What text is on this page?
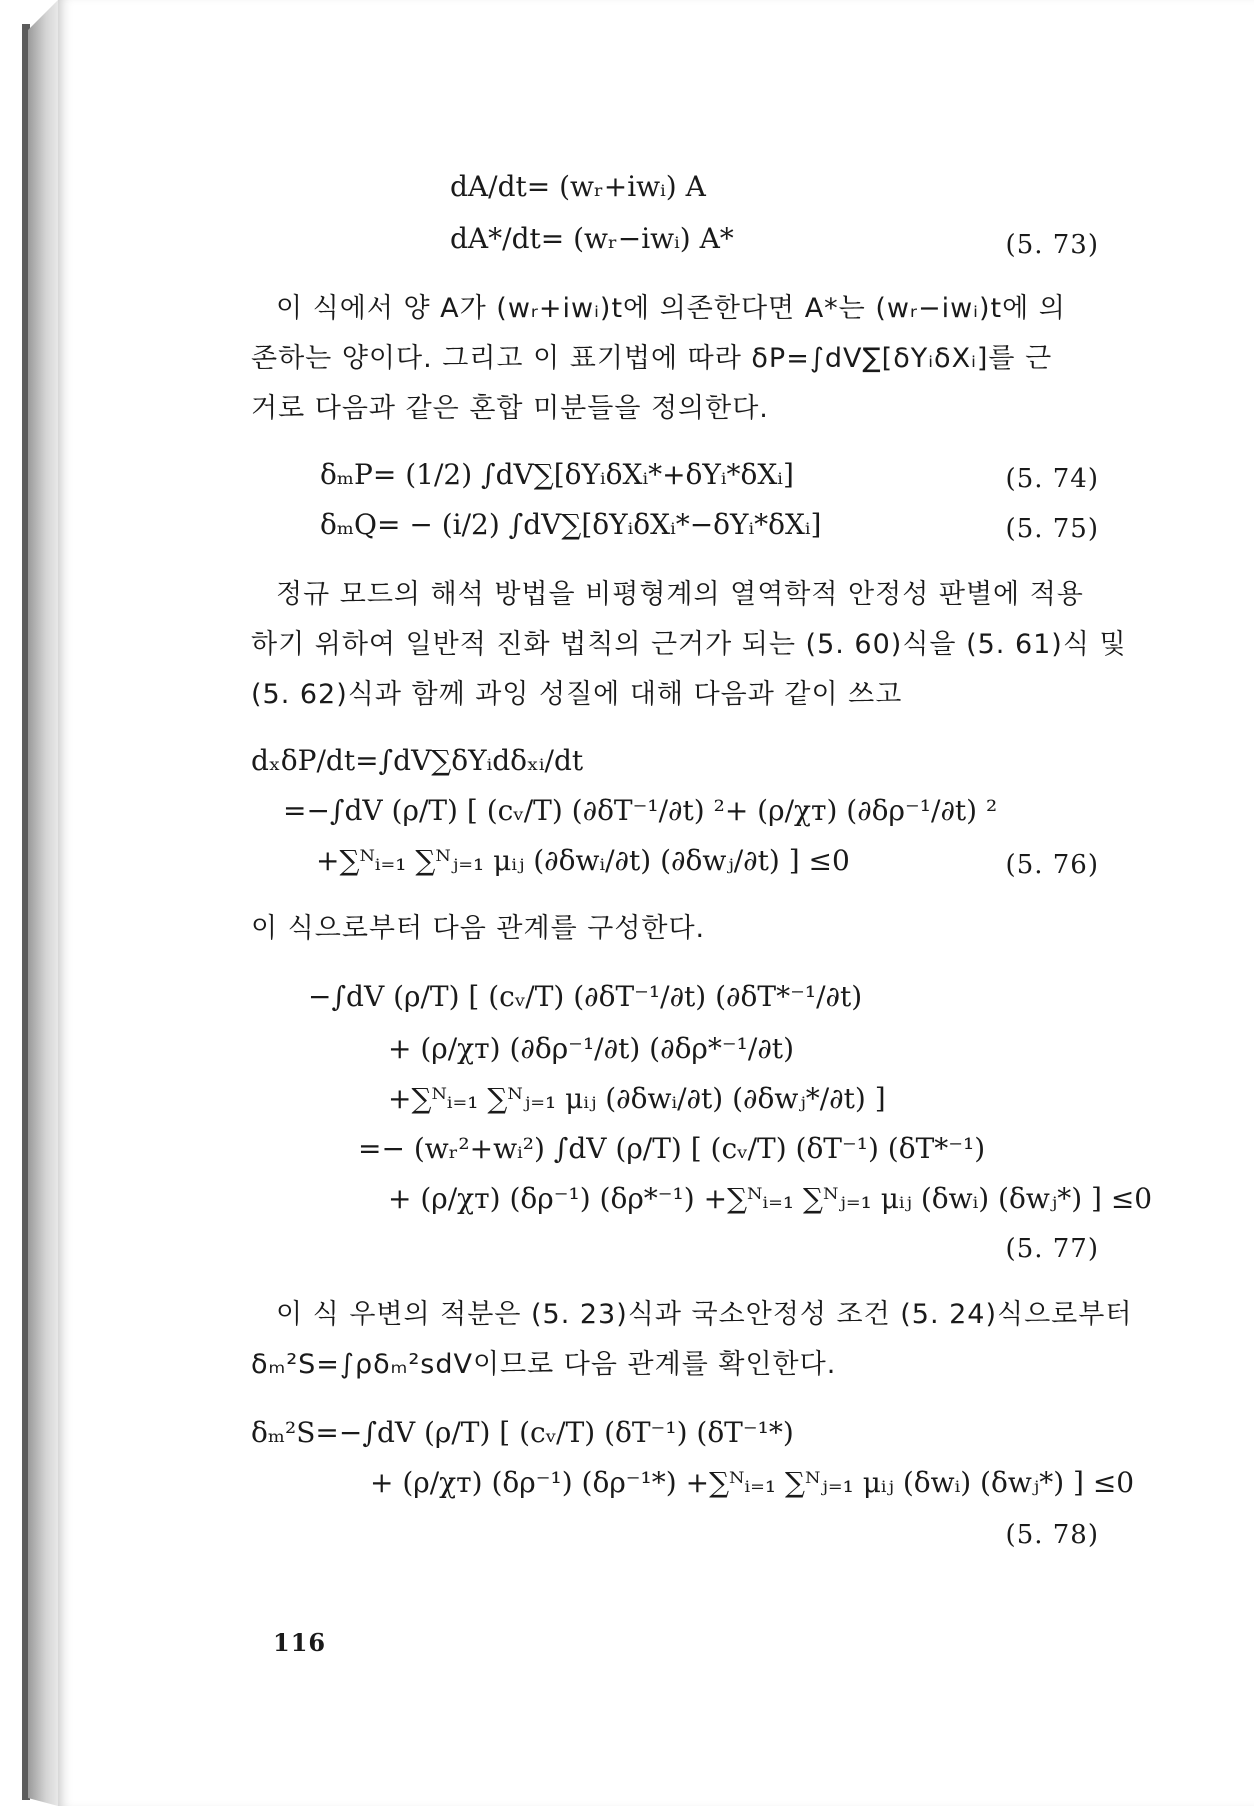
dA/dt= (wᵣ+iwᵢ) A
dA*/dt= (wᵣ−iwᵢ) A*	(5. 73)
이 식에서 양 A가 (wᵣ+iwᵢ)t에 의존한다면 A*는 (wᵣ−iwᵢ)t에 의
존하는 양이다. 그리고 이 표기법에 따라 δP=∫dV∑[δYᵢδXᵢ]를 근
거로 다음과 같은 혼합 미분들을 정의한다.
δₘP= (1/2) ∫dV∑[δYᵢδXᵢ*+δYᵢ*δXᵢ]	(5. 74)
δₘQ= − (i/2) ∫dV∑[δYᵢδXᵢ*−δYᵢ*δXᵢ]	(5. 75)
정규 모드의 해석 방법을 비평형계의 열역학적 안정성 판별에 적용
하기 위하여 일반적 진화 법칙의 근거가 되는 (5. 60)식을 (5. 61)식 및
(5. 62)식과 함께 과잉 성질에 대해 다음과 같이 쓰고
dₓδP/dt=∫dV∑δYᵢdδₓᵢ/dt
=−∫dV (ρ/T) [ (cᵥ/T) (∂δT⁻¹/∂t) ²+ (ρ/χᴛ) (∂δρ⁻¹/∂t) ²
+∑ᴺᵢ₌₁ ∑ᴺⱼ₌₁ μᵢⱼ (∂δwᵢ/∂t) (∂δwⱼ/∂t) ] ≤0	(5. 76)
이 식으로부터 다음 관계를 구성한다.
−∫dV (ρ/T) [ (cᵥ/T) (∂δT⁻¹/∂t) (∂δT*⁻¹/∂t)
+ (ρ/χᴛ) (∂δρ⁻¹/∂t) (∂δρ*⁻¹/∂t)
+∑ᴺᵢ₌₁ ∑ᴺⱼ₌₁ μᵢⱼ (∂δwᵢ/∂t) (∂δwⱼ*/∂t) ]
=− (wᵣ²+wᵢ²) ∫dV (ρ/T) [ (cᵥ/T) (δT⁻¹) (δT*⁻¹)
+ (ρ/χᴛ) (δρ⁻¹) (δρ*⁻¹) +∑ᴺᵢ₌₁ ∑ᴺⱼ₌₁ μᵢⱼ (δwᵢ) (δwⱼ*) ] ≤0
(5. 77)
이 식 우변의 적분은 (5. 23)식과 국소안정성 조건 (5. 24)식으로부터
δₘ²S=∫ρδₘ²sdV이므로 다음 관계를 확인한다.
δₘ²S=−∫dV (ρ/T) [ (cᵥ/T) (δT⁻¹) (δT⁻¹*)
+ (ρ/χᴛ) (δρ⁻¹) (δρ⁻¹*) +∑ᴺᵢ₌₁ ∑ᴺⱼ₌₁ μᵢⱼ (δwᵢ) (δwⱼ*) ] ≤0
(5. 78)
116
